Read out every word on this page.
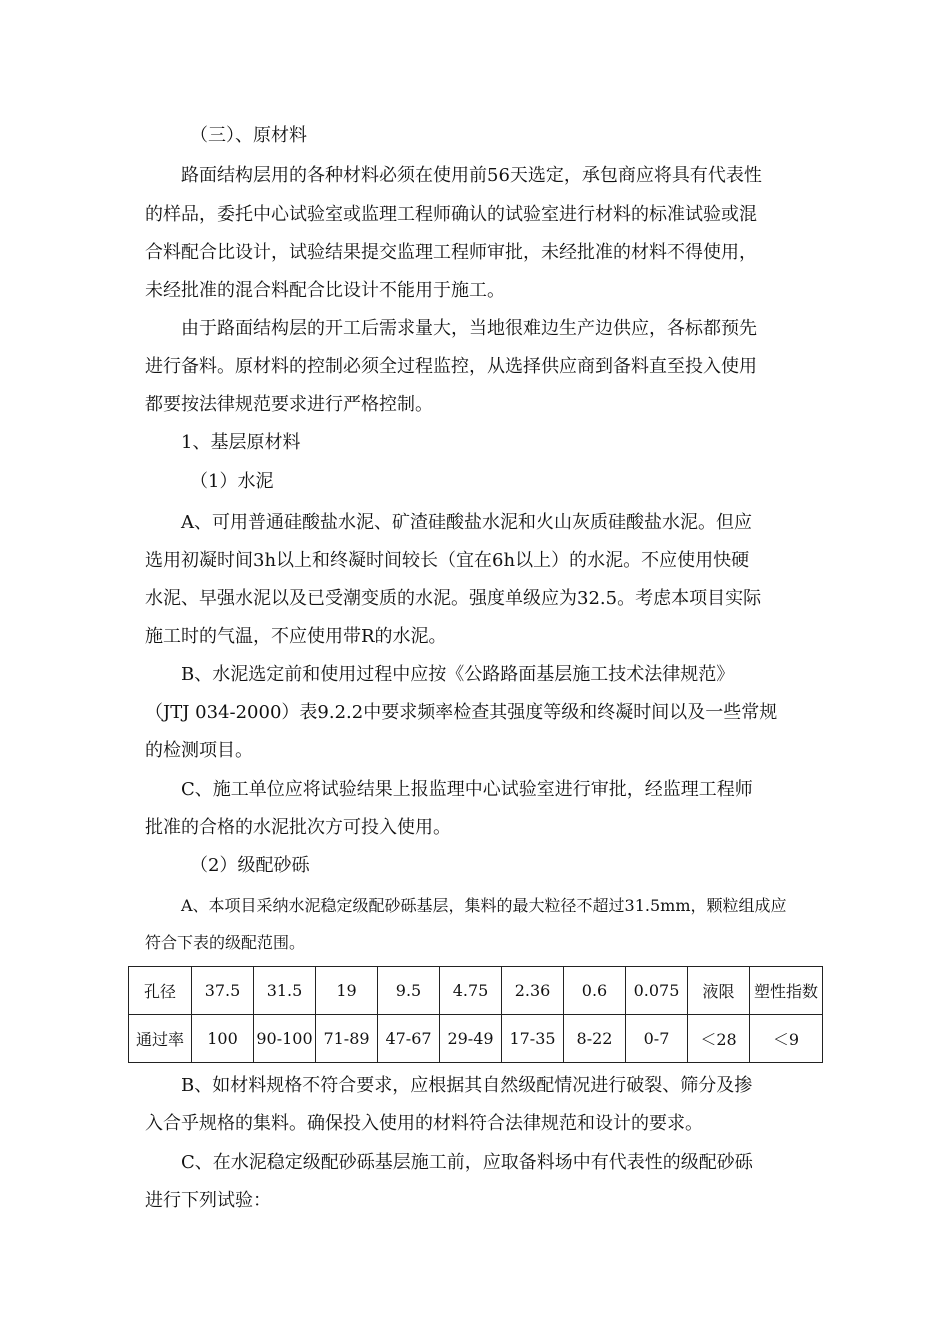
（三）、原材料
路面结构层用的各种材料必须在使用前56天选定，承包商应将具有代表性
的样品，委托中心试验室或监理工程师确认的试验室进行材料的标准试验或混
合料配合比设计，试验结果提交监理工程师审批，未经批准的材料不得使用，
未经批准的混合料配合比设计不能用于施工。
由于路面结构层的开工后需求量大，当地很难边生产边供应，各标都预先
进行备料。原材料的控制必须全过程监控，从选择供应商到备料直至投入使用
都要按法律规范要求进行严格控制。
1、基层原材料
（1）水泥
A、可用普通硅酸盐水泥、矿渣硅酸盐水泥和火山灰质硅酸盐水泥。但应
选用初凝时间3h以上和终凝时间较长（宜在6h以上）的水泥。不应使用快硬
水泥、早强水泥以及已受潮变质的水泥。强度单级应为32.5。考虑本项目实际
施工时的气温，不应使用带R的水泥。
B、水泥选定前和使用过程中应按《公路路面基层施工技术法律规范》
（JTJ 034-2000）表9.2.2中要求频率检查其强度等级和终凝时间以及一些常规
的检测项目。
C、施工单位应将试验结果上报监理中心试验室进行审批，经监理工程师
批准的合格的水泥批次方可投入使用。
（2）级配砂砾
A、本项目采纳水泥稳定级配砂砾基层，集料的最大粒径不超过31.5mm，颗粒组成应
符合下表的级配范围。
孔径	37.5	31.5	19	9.5	4.75	2.36	0.6	0.075	液限	塑性指数
通过率	100	90-100	71-89	47-67	29-49	17-35	8-22	0-7	＜28	＜9
B、如材料规格不符合要求，应根据其自然级配情况进行破裂、筛分及掺
入合乎规格的集料。确保投入使用的材料符合法律规范和设计的要求。
C、在水泥稳定级配砂砾基层施工前，应取备料场中有代表性的级配砂砾
进行下列试验：
